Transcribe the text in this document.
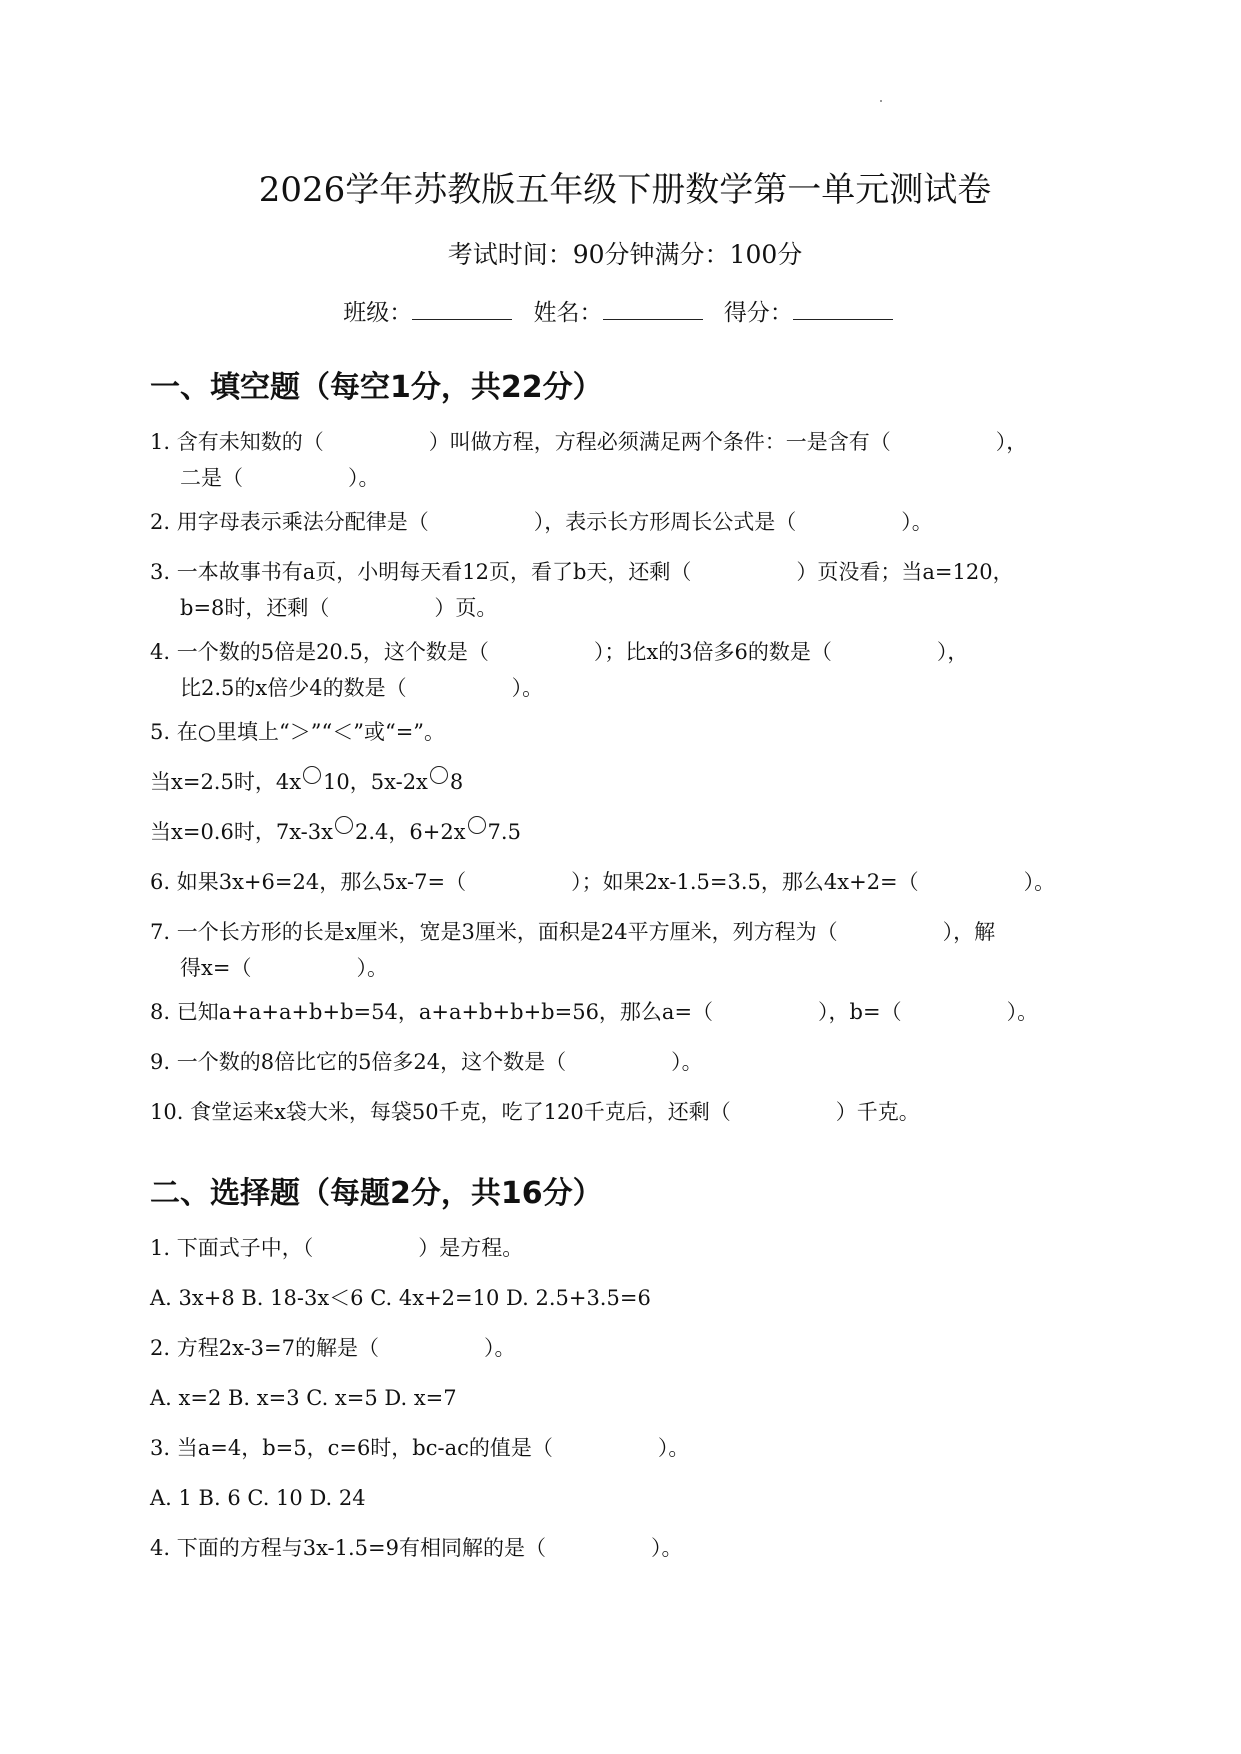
2026学年苏教版五年级下册数学第一单元测试卷
考试时间：90分钟满分：100分
班级：	姓名：	得分：
一、填空题（每空1分，共22分）
1. 含有未知数的（　　　　　）叫做方程，方程必须满足两个条件：一是含有（　　　　　），
二是（　　　　　）。
2. 用字母表示乘法分配律是（　　　　　），表示长方形周长公式是（　　　　　）。
3. 一本故事书有a页，小明每天看12页，看了b天，还剩（　　　　　）页没看；当a=120，
b=8时，还剩（　　　　　）页。
4. 一个数的5倍是20.5，这个数是（　　　　　）；比x的3倍多6的数是（　　　　　），
比2.5的x倍少4的数是（　　　　　）。
5. 在○里填上“＞”“＜”或“=”。
当x=2.5时，4x 10，5x-2x 8
当x=0.6时，7x-3x 2.4，6+2x 7.5
6. 如果3x+6=24，那么5x-7=（　　　　　）；如果2x-1.5=3.5，那么4x+2=（　　　　　）。
7. 一个长方形的长是x厘米，宽是3厘米，面积是24平方厘米，列方程为（　　　　　），解
得x=（　　　　　）。
8. 已知a+a+a+b+b=54，a+a+b+b+b=56，那么a=（　　　　　），b=（　　　　　）。
9. 一个数的8倍比它的5倍多24，这个数是（　　　　　）。
10. 食堂运来x袋大米，每袋50千克，吃了120千克后，还剩（　　　　　）千克。
二、选择题（每题2分，共16分）
1. 下面式子中，（　　　　　）是方程。
A. 3x+8 B. 18-3x＜6 C. 4x+2=10 D. 2.5+3.5=6
2. 方程2x-3=7的解是（　　　　　）。
A. x=2 B. x=3 C. x=5 D. x=7
3. 当a=4，b=5，c=6时，bc-ac的值是（　　　　　）。
A. 1 B. 6 C. 10 D. 24
4. 下面的方程与3x-1.5=9有相同解的是（　　　　　）。
